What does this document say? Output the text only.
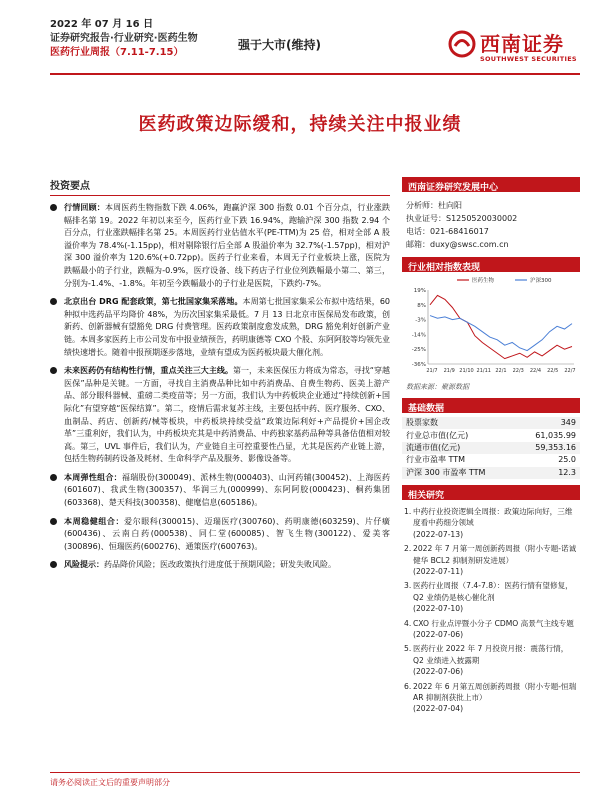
2022 年 07 月 16 日
证券研究报告·行业研究·医药生物
医药行业周报（7.11-7.15）
强于大市(维持)	西南证券
SOUTHWEST SECURITIES
医药政策边际缓和，持续关注中报业绩
投资要点
行情回顾：本周医药生物指数下跌 4.06%，跑赢沪深 300 指数 0.01 个百分点，行业涨跌幅排名第 19。2022 年初以来至今，医药行业下跌 16.94%，跑输沪深 300 指数 2.94 个百分点，行业涨跌幅排名第 25。本周医药行业估值水平(PE-TTM)为 25 倍，相对全部 A 股溢价率为 78.4%(-1.15pp)，相对剔除银行后全部 A 股溢价率为 32.7%(-1.57pp)，相对沪深 300 溢价率为 120.6%(+0.72pp)。医药子行业来看，本周无子行业板块上涨，医院为跌幅最小的子行业，跌幅为-0.9%，医疗设备、线下药店子行业位列跌幅最小第二、第三，分别为-1.4%、-1.8%。年初至今跌幅最小的子行业是医院，下跌约-7%。
北京出台 DRG 配套政策，第七批国家集采落地。本周第七批国家集采公布拟中选结果，60 种拟中选药品平均降价 48%，为历次国家集采最低。7 月 13 日北京市医保局发布政策，创新药、创新器械有望豁免 DRG 付费管理。医药政策制度愈发成熟，DRG 豁免利好创新产业链。本周多家医药上市公司发布中报业绩预告，药明康德等 CXO 个股、东阿阿胶等均领先业绩快速增长。随着中报预期逐步落地，业绩有望成为医药板块最大催化剂。
未来医药仍有结构性行情，重点关注三大主线。第一，未来医保压力将成为常态，寻找“穿越医保”品种是关键。一方面，寻找自主消费品种比如中药消费品、自费生物药、医美上游产品、部分眼科器械、重磅二类疫苗等；另一方面，我们认为中药板块企业通过“持续创新+国际化”有望穿越“医保结算”。第二，疫情后需求复苏主线，主要包括中药、医疗服务、CXO、血制品、药店、创新药/械等板块，中药板块持续受益“政策边际利好+产品提价+国企改革”三重利好，我们认为，中药板块充其是中药消费品、中药独家基药品种等具备估值相对较高。第三，UVL 事件后，我们认为，产业链自主可控重要性凸显，尤其是医药产业链上游，包括生物药制药设备及耗材、生命科学产品及服务、影像设备等。
本周弹性组合：福瑞股份(300049)、派林生物(000403)、山河药辅(300452)、上海医药(601607)、我武生物(300357)、华润三九(000999)、东阿阿胶(000423)、桐药集团(603368)、楚天科技(300358)、健麾信息(605186)。
本周稳健组合：爱尔眼科(300015)、迈瑞医疗(300760)、药明康德(603259)、片仔癀(600436)、云南白药(000538)、同仁堂(600085)、智飞生物(300122)、爱美客(300896)、恒瑞医药(600276)、通策医疗(600763)。
风险提示：药品降价风险；医改政策执行进度低于预期风险；研发失败风险。
西南证券研究发展中心
分析师：杜向阳
执业证号：S1250520030002
电话：021-68416017
邮箱：duxy@swsc.com.cn
行业相对指数表现
19%
8%
-3%
-14%
-25%
-36%
21/7 21/9 21/10 21/11 22/1 22/3 22/4 22/5 22/7
医药生物	沪深300
数据来源：聚源数据
基础数据
股票家数	349
行业总市值(亿元)	61,035.99
流通市值(亿元)	59,353.16
行业市盈率 TTM	25.0
沪深 300 市盈率 TTM	12.3
相关研究
1. 中药行业投资逻辑全周报：政策边际向好，三维度看中药细分领域
(2022-07-13)
2. 2022 年 7 月第一周创新药周报（附小专题-诺诚健华 BCL2 抑制剂研发进展）
(2022-07-11)
3. 医药行业周报（7.4-7.8）：医药行情有望修复，Q2 业绩仍是核心催化剂
(2022-07-10)
4. CXO 行业点评暨小分子 CDMO 高景气主线专题
(2022-07-06)
5. 医药行业 2022 年 7 月投资月报：震荡行情，Q2 业绩进入披露期
(2022-07-06)
6. 2022 年 6 月第五周创新药周报（附小专题-恒瑞 AR 抑制剂获批上市）
(2022-07-04)
请务必阅读正文后的重要声明部分
